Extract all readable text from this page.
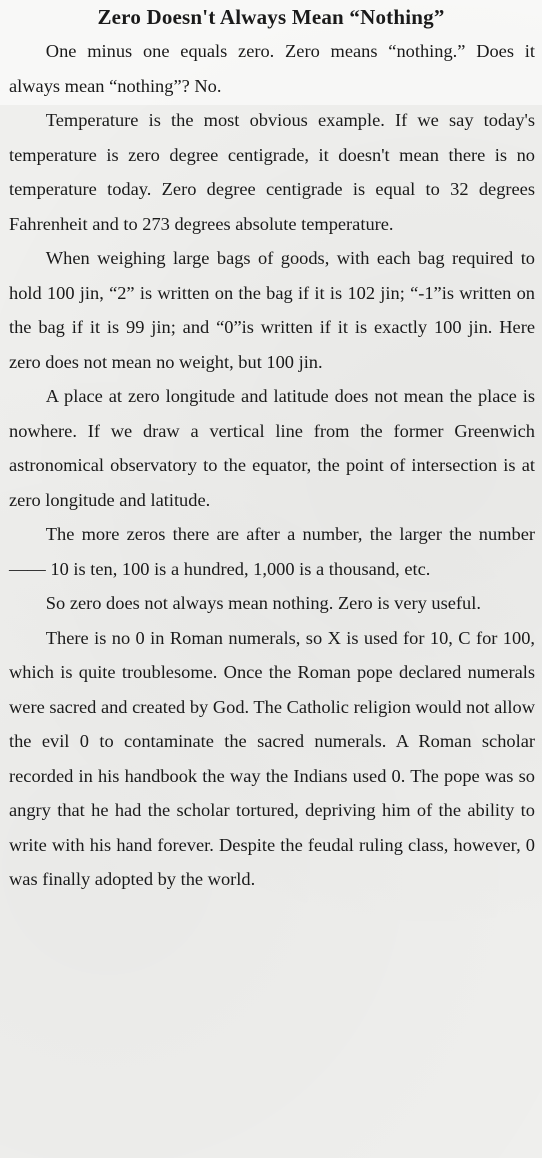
Zero Doesn't Always Mean “Nothing”

One minus one equals zero. Zero means “nothing.” Does it always mean “nothing”? No.

Temperature is the most obvious example. If we say today's temperature is zero degree centigrade, it doesn't mean there is no temperature today. Zero degree centigrade is equal to 32 degrees Fahrenheit and to 273 degrees absolute temperature.

When weighing large bags of goods, with each bag required to hold 100 jin, “2” is written on the bag if it is 102 jin; “-1”is written on the bag if it is 99 jin; and “0”is written if it is exactly 100 jin. Here zero does not mean no weight, but 100 jin.

A place at zero longitude and latitude does not mean the place is nowhere. If we draw a vertical line from the former Greenwich astronomical observatory to the equator, the point of intersection is at zero longitude and latitude.

The more zeros there are after a number, the larger the number—— 10 is ten, 100 is a hundred, 1,000 is a thousand, etc.

So zero does not always mean nothing. Zero is very useful.

There is no 0 in Roman numerals, so X is used for 10, C for 100, which is quite troublesome. Once the Roman pope declared numerals were sacred and created by God. The Catholic religion would not allow the evil 0 to contaminate the sacred numerals. A Roman scholar recorded in his handbook the way the Indians used 0. The pope was so angry that he had the scholar tortured, depriving him of the ability to write with his hand forever. Despite the feudal ruling class, however, 0 was finally adopted by the world.
